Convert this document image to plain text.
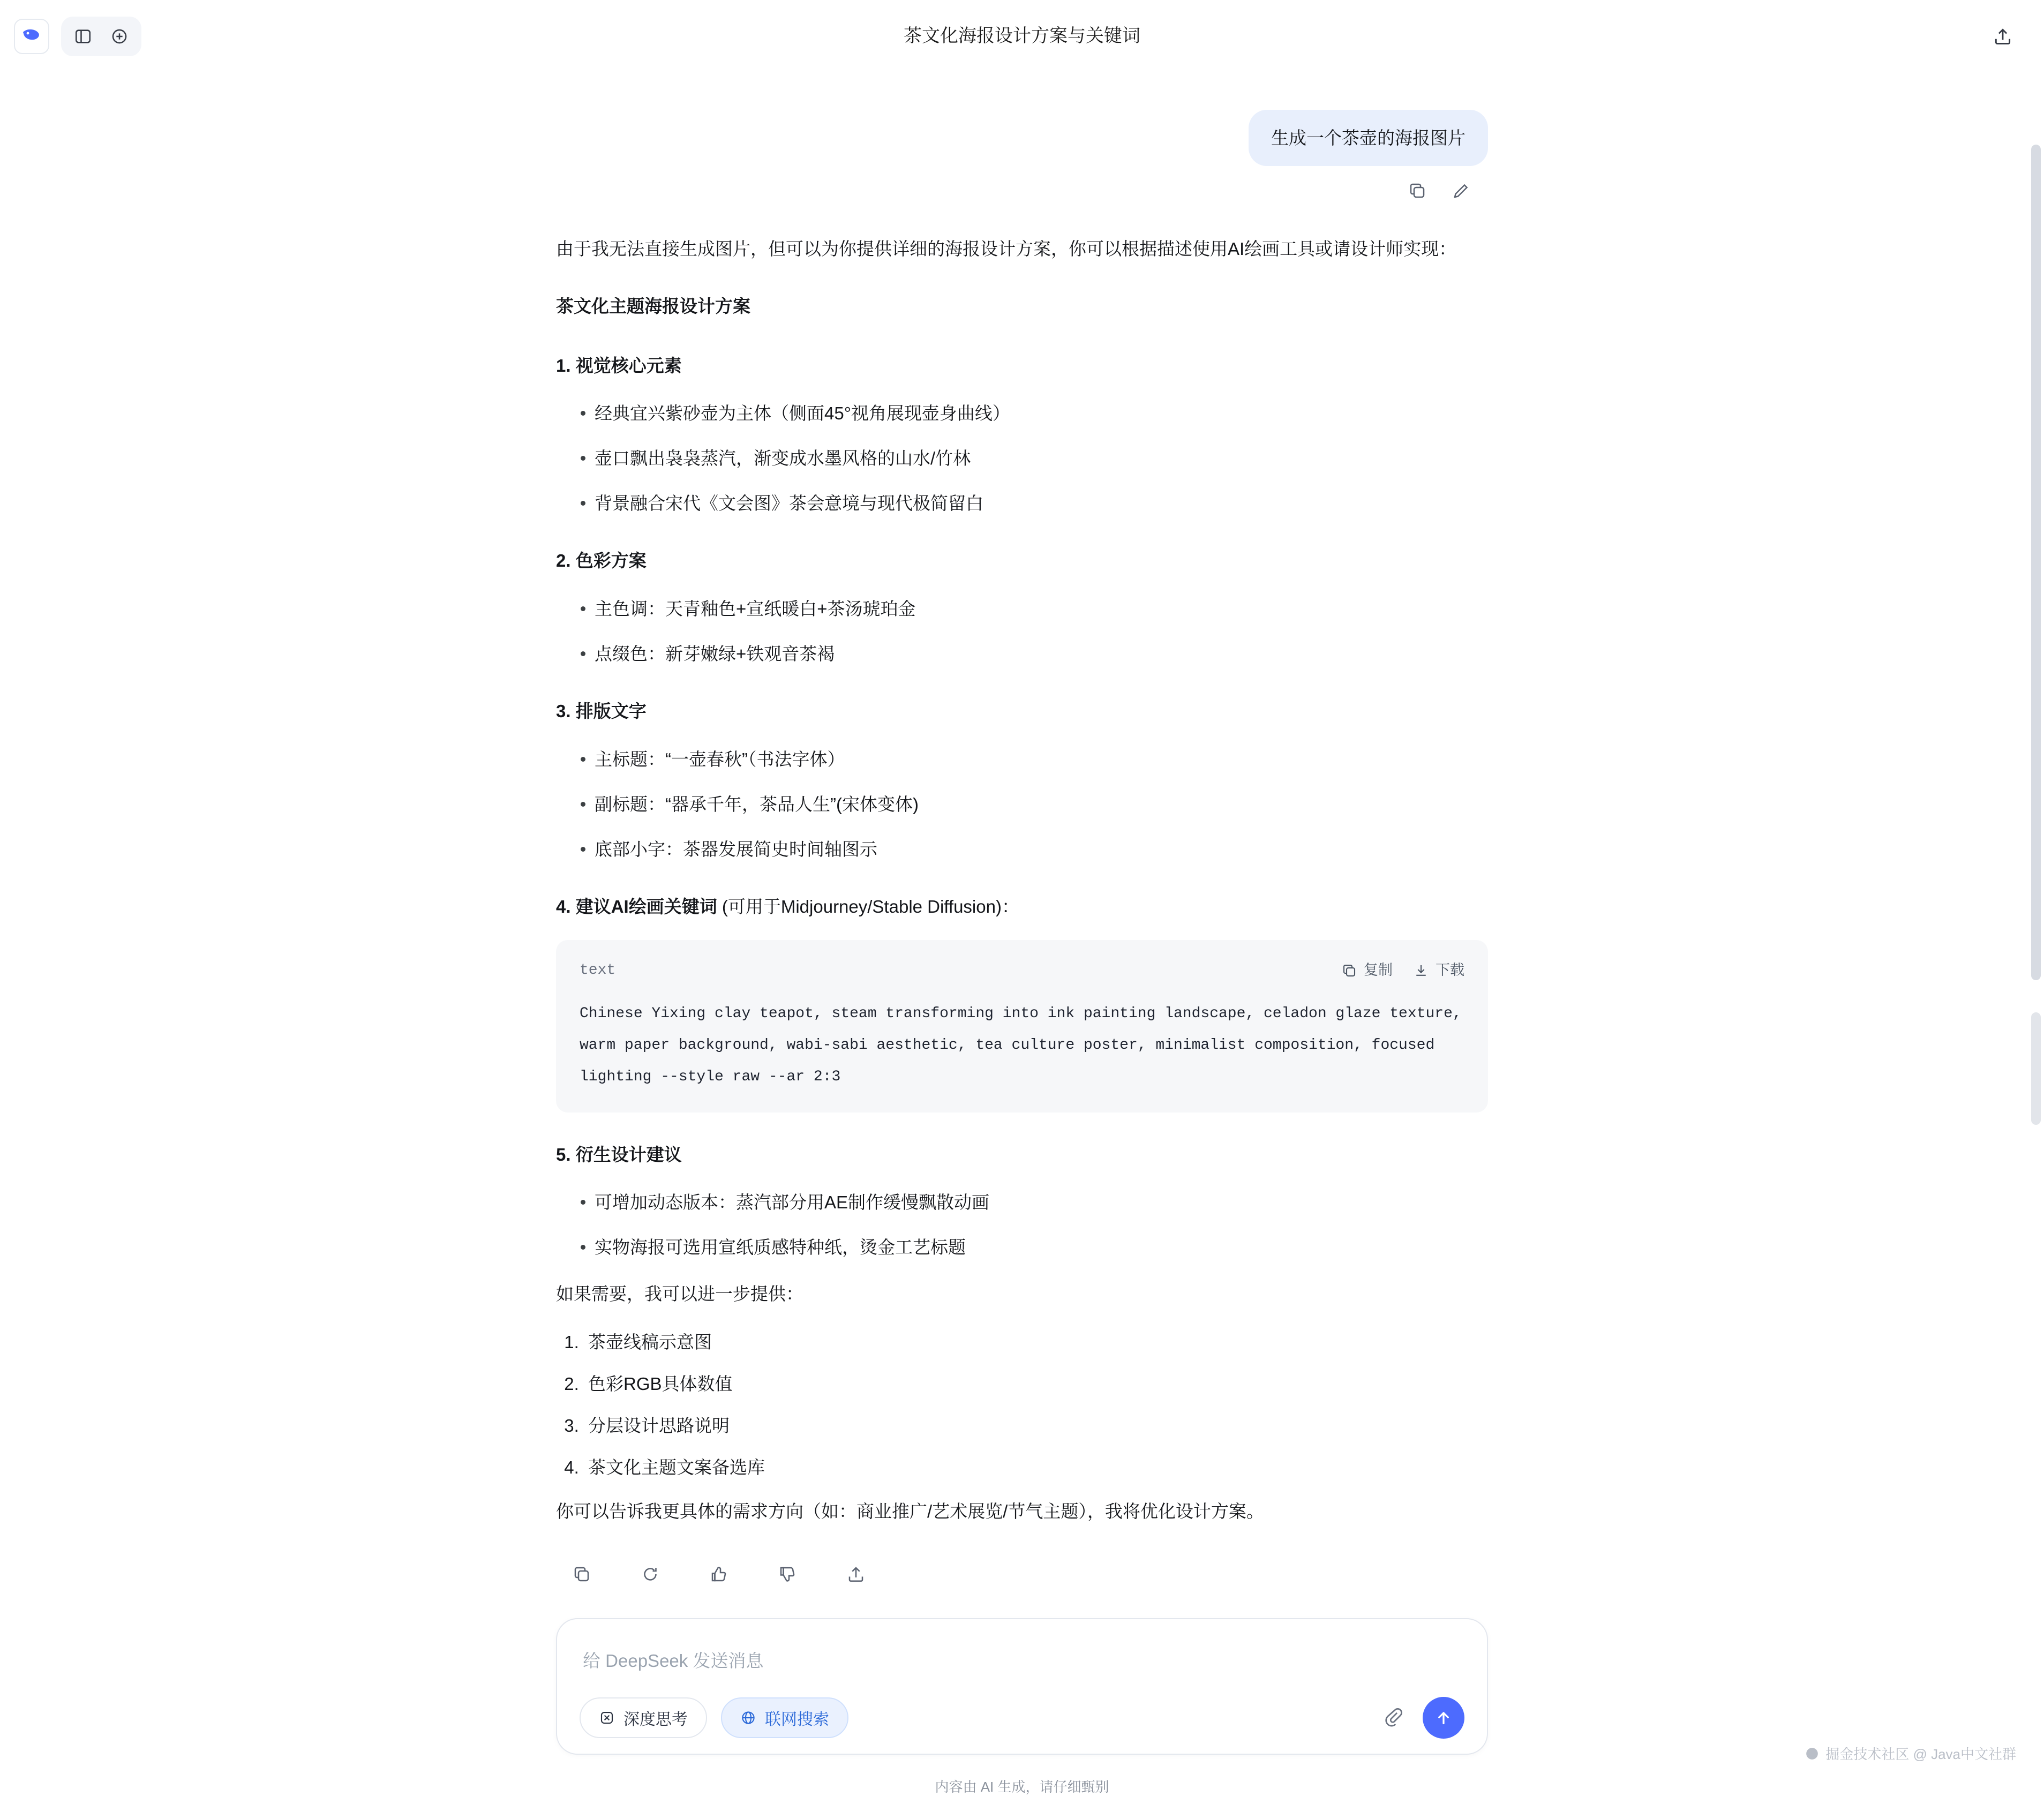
茶文化海报设计方案与关键词
生成一个茶壶的海报图片

由于我无法直接生成图片，但可以为你提供详细的海报设计方案，你可以根据描述使用AI绘画工具或请设计师实现：

茶文化主题海报设计方案
1. 视觉核心元素
经典宜兴紫砂壶为主体（侧面45°视角展现壶身曲线）
壶口飘出袅袅蒸汽，渐变成水墨风格的山水/竹林
背景融合宋代《文会图》茶会意境与现代极简留白
2. 色彩方案
主色调：天青釉色+宣纸暖白+茶汤琥珀金
点缀色：新芽嫩绿+铁观音茶褐
3. 排版文字
主标题：“一壶春秋”（书法字体）
副标题：“器承千年，茶品人生”(宋体变体)
底部小字：茶器发展简史时间轴图示
4. 建议AI绘画关键词 (可用于Midjourney/Stable Diffusion)：
text	复制	下载
Chinese Yixing clay teapot, steam transforming into ink painting landscape, celadon glaze texture, warm paper background, wabi-sabi aesthetic, tea culture poster, minimalist composition, focused lighting --style raw --ar 2:3
5. 衍生设计建议
可增加动态版本：蒸汽部分用AE制作缓慢飘散动画
实物海报可选用宣纸质感特种纸，烫金工艺标题

如果需要，我可以进一步提供：

1. 茶壶线稿示意图
2. 色彩RGB具体数值
3. 分层设计思路说明
4. 茶文化主题文案备选库

你可以告诉我更具体的需求方向（如：商业推广/艺术展览/节气主题），我将优化设计方案。

给 DeepSeek 发送消息
深度思考	联网搜索
内容由 AI 生成，请仔细甄别
掘金技术社区 @ Java中文社群
